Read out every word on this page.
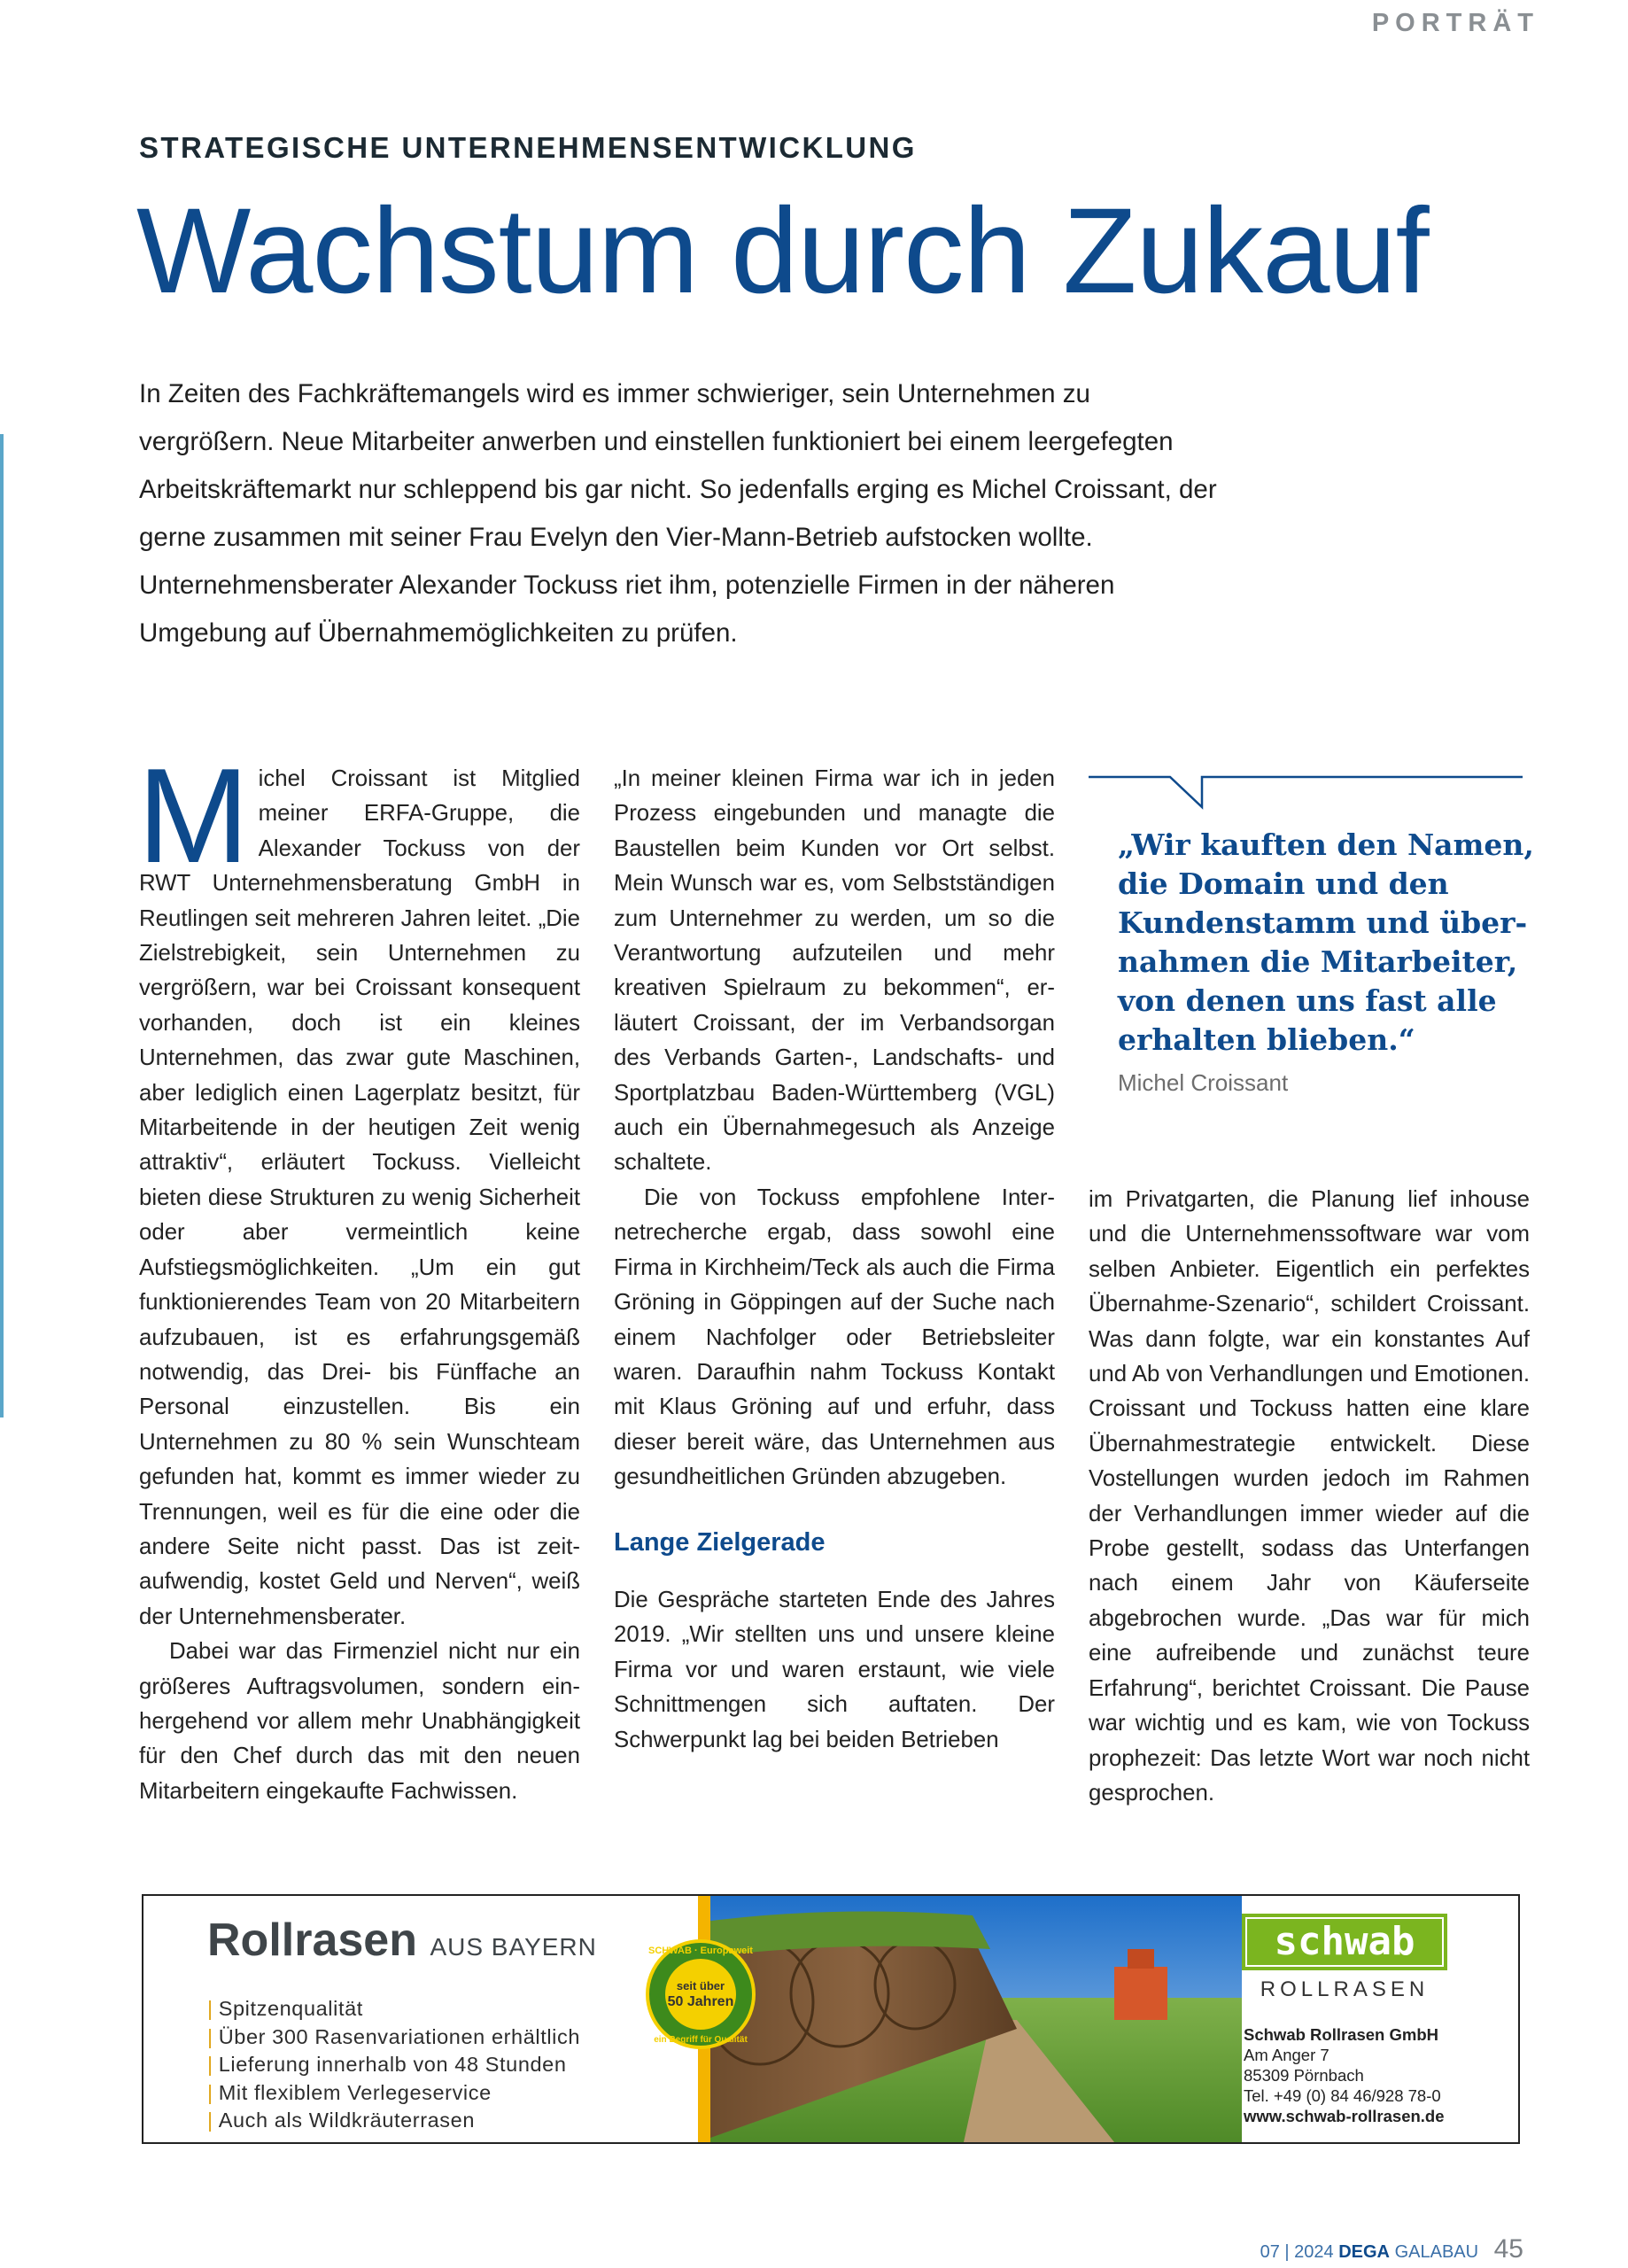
PORTRÄT
STRATEGISCHE UNTERNEHMENSENTWICKLUNG
Wachstum durch Zukauf
In Zeiten des Fachkräftemangels wird es immer schwieriger, sein Unternehmen zu vergrößern. Neue Mitarbeiter anwerben und einstellen funktioniert bei einem leergefegten Arbeitskräftemarkt nur schleppend bis gar nicht. So jedenfalls erging es Michel Croissant, der gerne zusammen mit seiner Frau Evelyn den Vier-Mann-Betrieb aufstocken wollte. Unternehmensberater Alexander Tockuss riet ihm, potenzielle Firmen in der näheren Umgebung auf Übernahmemöglichkeiten zu prüfen.
M ichel Croissant ist Mitglied meiner ERFA-Gruppe, die Alexander Tockuss von der RWT Unternehmensberatung GmbH in Reutlingen seit mehreren Jahren leitet. „Die Zielstrebigkeit, sein Unternehmen zu vergrößern, war bei Croissant konsequent vorhanden, doch ist ein kleines Unternehmen, das zwar gute Maschinen, aber lediglich einen Lagerplatz besitzt, für Mitarbeitende in der heutigen Zeit wenig attraktiv“, erläutert Tockuss. Vielleicht bieten diese Strukturen zu wenig Sicherheit oder aber vermeintlich keine Aufstiegsmöglichkeiten. „Um ein gut funktionierendes Team von 20 Mitarbeitern aufzubauen, ist es erfahrungsgemäß notwendig, das Drei- bis Fünffache an Personal einzustellen. Bis ein Unternehmen zu 80 % sein Wunschteam gefunden hat, kommt es immer wieder zu Trennungen, weil es für die eine oder die andere Seite nicht passt. Das ist zeitaufwendig, kostet Geld und Nerven“, weiß der Unternehmensberater.

Dabei war das Firmenziel nicht nur ein größeres Auftragsvolumen, sondern einhergehend vor allem mehr Unabhängigkeit für den Chef durch das mit den neuen Mitarbeitern eingekaufte Fachwissen.

„In meiner kleinen Firma war ich in jeden Prozess eingebunden und managte die Baustellen beim Kunden vor Ort selbst. Mein Wunsch war es, vom Selbstständigen zum Unternehmer zu werden, um so die Verantwortung aufzuteilen und mehr kreativen Spielraum zu bekommen“, erläutert Croissant, der im Verbandsorgan des Verbands Garten-, Landschafts- und Sportplatzbau Baden-Württemberg (VGL) auch ein Übernahmegesuch als Anzeige schaltete.

Die von Tockuss empfohlene Internetrecherche ergab, dass sowohl eine Firma in Kirchheim/Teck als auch die Firma Gröning in Göppingen auf der Suche nach einem Nachfolger oder Betriebsleiter waren. Daraufhin nahm Tockuss Kontakt mit Klaus Gröning auf und erfuhr, dass dieser bereit wäre, das Unternehmen aus gesundheitlichen Gründen abzugeben.

Lange Zielgerade

Die Gespräche starteten Ende des Jahres 2019. „Wir stellten uns und unsere kleine Firma vor und waren erstaunt, wie viele Schnittmengen sich auftaten. Der Schwerpunkt lag bei beiden Betrieben

„Wir kauften den Namen, die Domain und den Kundenstamm und übernahmen die Mitarbeiter, von denen uns fast alle erhalten blieben.“
Michel Croissant

im Privatgarten, die Planung lief inhouse und die Unternehmenssoftware war vom selben Anbieter. Eigentlich ein perfektes Übernahme-Szenario“, schildert Croissant. Was dann folgte, war ein konstantes Auf und Ab von Verhandlungen und Emotionen. Croissant und Tockuss hatten eine klare Übernahmestrategie entwickelt. Diese Vostellungen wurden jedoch im Rahmen der Verhandlungen immer wieder auf die Probe gestellt, sodass das Unterfangen nach einem Jahr von Käuferseite abgebrochen wurde. „Das war für mich eine aufreibende und zunächst teure Erfahrung“, berichtet Croissant. Die Pause war wichtig und es kam, wie von Tockuss prophezeit: Das letzte Wort war noch nicht gesprochen.

Rollrasen AUS BAYERN
| Spitzenqualität
| Über 300 Rasenvariationen erhältlich
| Lieferung innerhalb von 48 Stunden
| Mit flexiblem Verlegeservice
| Auch als Wildkräuterrasen
seit über
50 Jahren
SCHWAB · Europaweit
ein Begriff für Qualität
schwab
ROLLRASEN
Schwab Rollrasen GmbH
Am Anger 7
85309 Pörnbach
Tel. +49 (0) 84 46/928 78-0
www.schwab-rollrasen.de
07 | 2024 DEGA GALABAU 45
